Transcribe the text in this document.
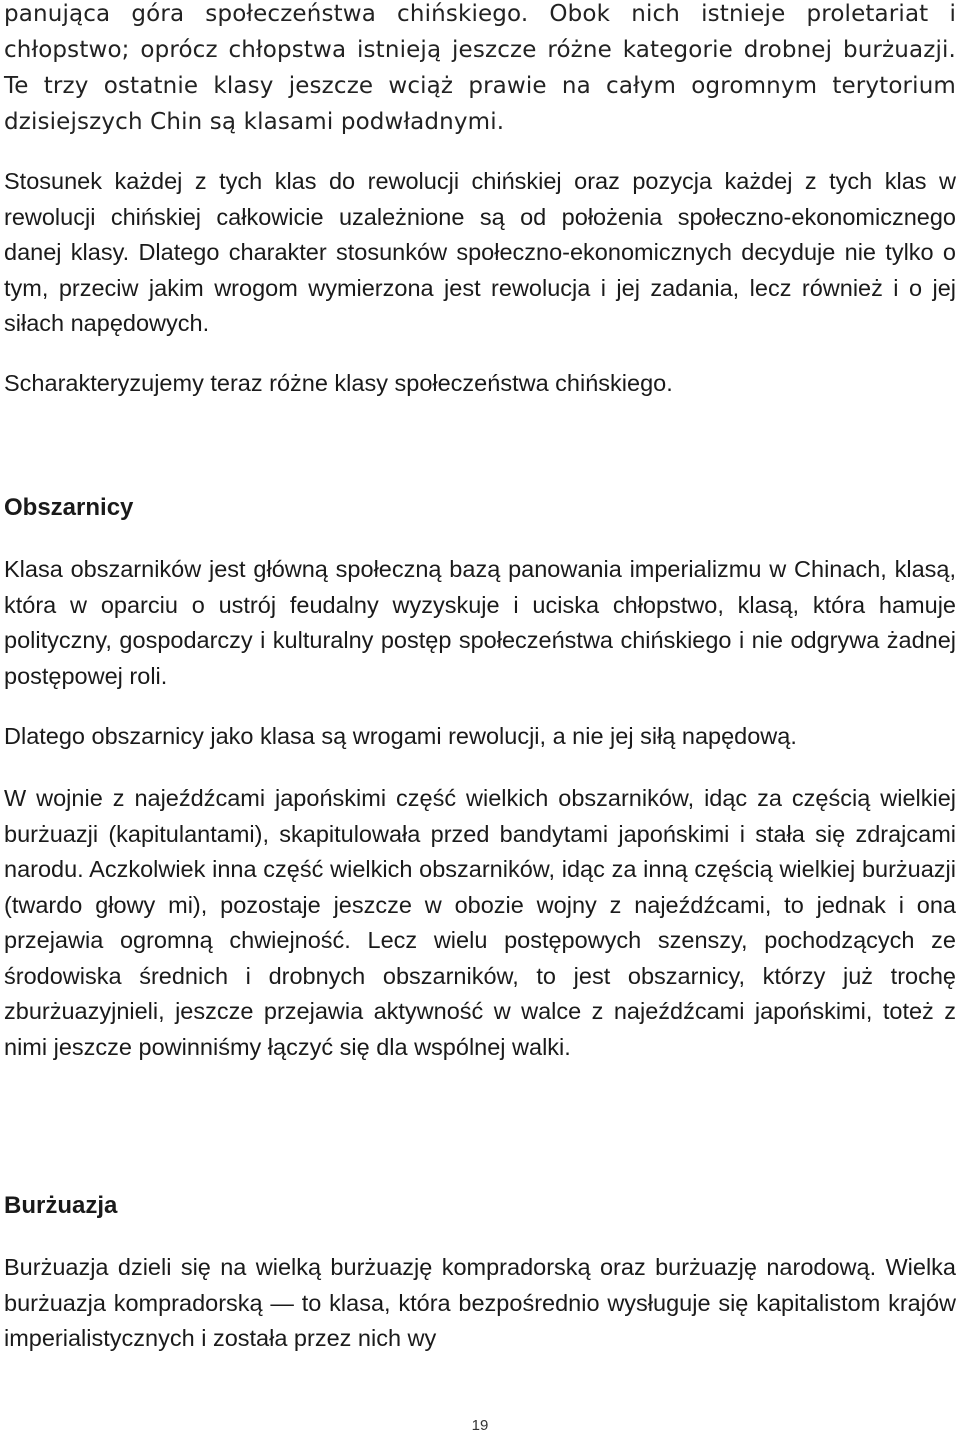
panująca góra społeczeństwa chińskiego. Obok nich istnieje proletariat i chłopstwo; oprócz chłopstwa istnieją jeszcze różne kategorie drobnej burżuazji. Te trzy ostatnie klasy jeszcze wciąż prawie na całym ogromnym terytorium dzisiejszych Chin są klasami podwładnymi.

Stosunek każdej z tych klas do rewolucji chińskiej oraz pozycja każdej z tych klas w rewolucji chińskiej całkowicie uzależnione są od położenia społeczno-ekonomicznego danej klasy. Dlatego charakter stosunków społeczno-ekonomicznych decyduje nie tylko o tym, przeciw jakim wrogom wymierzona jest rewolucja i jej zadania, lecz również i o jej siłach napędowych.

Scharakteryzujemy teraz różne klasy społeczeństwa chińskiego.

Obszarnicy

Klasa obszarników jest główną społeczną bazą panowania imperializmu w Chinach, klasą, która w oparciu o ustrój feudalny wyzyskuje i uciska chłopstwo, klasą, która hamuje polityczny, gospodarczy i kulturalny postęp społeczeństwa chińskiego i nie odgrywa żadnej postępowej roli.

Dlatego obszarnicy jako klasa są wrogami rewolucji, a nie jej siłą napędową.

W wojnie z najeźdźcami japońskimi część wielkich obszarników, idąc za częścią wielkiej burżuazji (kapitulantami), skapitulowała przed bandytami japońskimi i stała się zdrajcami narodu. Aczkolwiek inna część wielkich obszarników, idąc za inną częścią wielkiej burżuazji (twardo głowy mi), pozostaje jeszcze w obozie wojny z najeźdźcami, to jednak i ona przejawia ogromną chwiejność. Lecz wielu postępowych szenszy, pochodzących ze środowiska średnich i drobnych obszarników, to jest obszarnicy, którzy już trochę zburżuazyjnieli, jeszcze przejawia aktywność w walce z najeźdźcami japońskimi, toteż z nimi jeszcze powinniśmy łączyć się dla wspólnej walki.

Burżuazja

Burżuazja dzieli się na wielką burżuazję kompradorską oraz burżuazję narodową. Wielka burżuazja kompradorską — to klasa, która bezpośrednio wysługuje się kapitalistom krajów imperialistycznych i została przez nich wy

19
